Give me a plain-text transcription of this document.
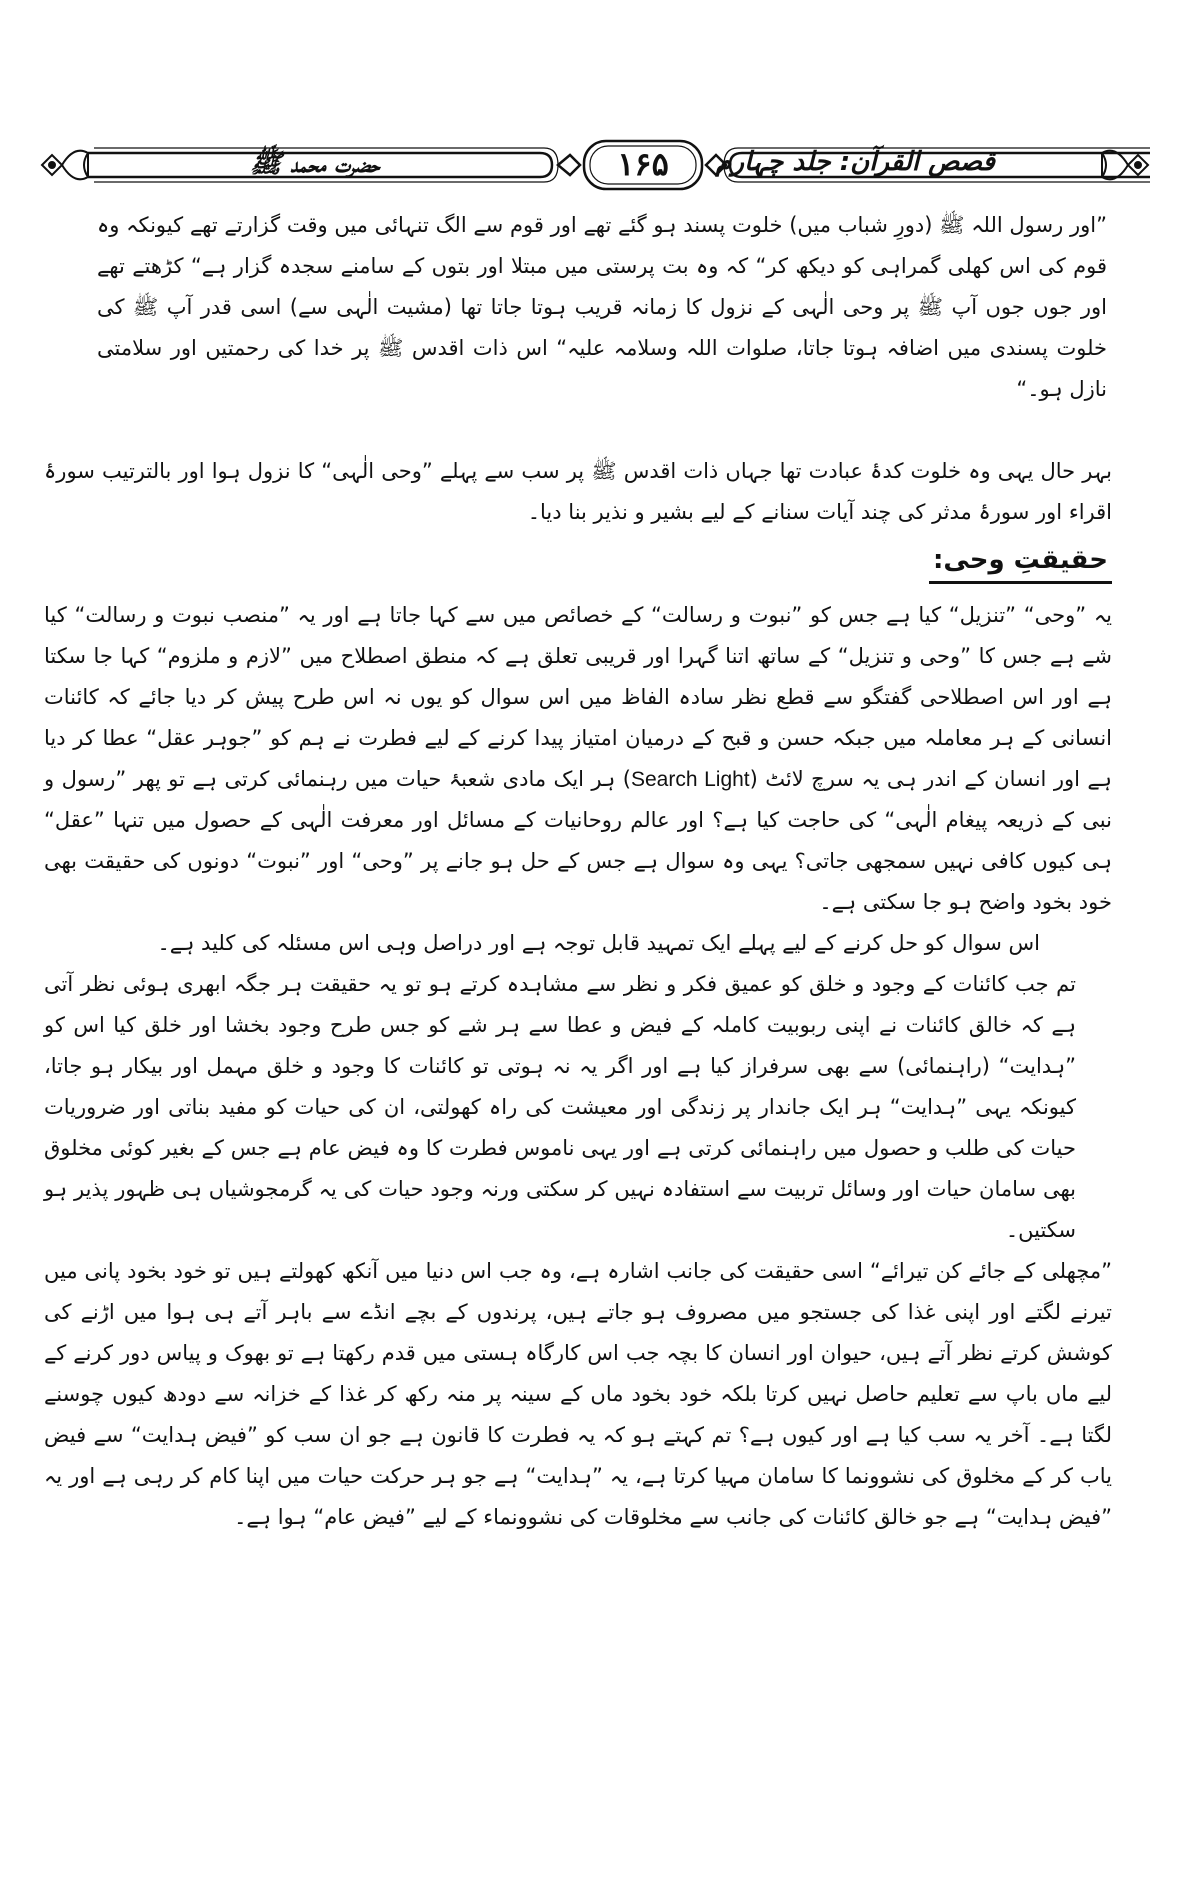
قصص القرآن: جلد چہارم
۱۶۵
حضرت محمد ﷺ

”اور رسول اللہ ﷺ (دورِ شباب میں) خلوت پسند ہو گئے تھے اور قوم سے الگ تنہائی میں وقت گزارتے تھے کیونکہ وہ قوم کی اس کھلی گمراہی کو دیکھ کر“ کہ وہ بت پرستی میں مبتلا اور بتوں کے سامنے سجدہ گزار ہے“ کڑھتے تھے اور جوں جوں آپ ﷺ پر وحی الٰہی کے نزول کا زمانہ قریب ہوتا جاتا تھا (مشیت الٰہی سے) اسی قدر آپ ﷺ کی خلوت پسندی میں اضافہ ہوتا جاتا، صلوات اللہ وسلامہ علیہ“ اس ذات اقدس ﷺ پر خدا کی رحمتیں اور سلامتی نازل ہو۔“

بہر حال یہی وہ خلوت کدۂ عبادت تھا جہاں ذات اقدس ﷺ پر سب سے پہلے ”وحی الٰہی“ کا نزول ہوا اور بالترتیب سورۂ اقراء اور سورۂ مدثر کی چند آیات سنانے کے لیے بشیر و نذیر بنا دیا۔

حقیقتِ وحی:

یہ ”وحی“ ”تنزیل“ کیا ہے جس کو ”نبوت و رسالت“ کے خصائص میں سے کہا جاتا ہے اور یہ ”منصب نبوت و رسالت“ کیا شے ہے جس کا ”وحی و تنزیل“ کے ساتھ اتنا گہرا اور قریبی تعلق ہے کہ منطق اصطلاح میں ”لازم و ملزوم“ کہا جا سکتا ہے اور اس اصطلاحی گفتگو سے قطع نظر سادہ الفاظ میں اس سوال کو یوں نہ اس طرح پیش کر دیا جائے کہ کائنات انسانی کے ہر معاملہ میں جبکہ حسن و قبح کے درمیان امتیاز پیدا کرنے کے لیے فطرت نے ہم کو ”جوہر عقل“ عطا کر دیا ہے اور انسان کے اندر ہی یہ سرچ لائٹ (Search Light) ہر ایک مادی شعبۂ حیات میں رہنمائی کرتی ہے تو پھر ”رسول و نبی کے ذریعہ پیغام الٰہی“ کی حاجت کیا ہے؟ اور عالم روحانیات کے مسائل اور معرفت الٰہی کے حصول میں تنہا ”عقل“ ہی کیوں کافی نہیں سمجھی جاتی؟ یہی وہ سوال ہے جس کے حل ہو جانے پر ”وحی“ اور ”نبوت“ دونوں کی حقیقت بھی خود بخود واضح ہو جا سکتی ہے۔

اس سوال کو حل کرنے کے لیے پہلے ایک تمہید قابل توجہ ہے اور دراصل وہی اس مسئلہ کی کلید ہے۔

تم جب کائنات کے وجود و خلق کو عمیق فکر و نظر سے مشاہدہ کرتے ہو تو یہ حقیقت ہر جگہ ابھری ہوئی نظر آتی ہے کہ خالق کائنات نے اپنی ربوبیت کاملہ کے فیض و عطا سے ہر شے کو جس طرح وجود بخشا اور خلق کیا اس کو ”ہدایت“ (راہنمائی) سے بھی سرفراز کیا ہے اور اگر یہ نہ ہوتی تو کائنات کا وجود و خلق مہمل اور بیکار ہو جاتا، کیونکہ یہی ”ہدایت“ ہر ایک جاندار پر زندگی اور معیشت کی راہ کھولتی، ان کی حیات کو مفید بناتی اور ضروریات حیات کی طلب و حصول میں راہنمائی کرتی ہے اور یہی ناموس فطرت کا وہ فیض عام ہے جس کے بغیر کوئی مخلوق بھی سامان حیات اور وسائل تربیت سے استفادہ نہیں کر سکتی ورنہ وجود حیات کی یہ گرمجوشیاں ہی ظہور پذیر ہو سکتیں۔

”مچھلی کے جائے کن تیرائے“ اسی حقیقت کی جانب اشارہ ہے، وہ جب اس دنیا میں آنکھ کھولتے ہیں تو خود بخود پانی میں تیرنے لگتے اور اپنی غذا کی جستجو میں مصروف ہو جاتے ہیں، پرندوں کے بچے انڈے سے باہر آتے ہی ہوا میں اڑنے کی کوشش کرتے نظر آتے ہیں، حیوان اور انسان کا بچہ جب اس کارگاہ ہستی میں قدم رکھتا ہے تو بھوک و پیاس دور کرنے کے لیے ماں باپ سے تعلیم حاصل نہیں کرتا بلکہ خود بخود ماں کے سینہ پر منہ رکھ کر غذا کے خزانہ سے دودھ کیوں چوسنے لگتا ہے۔ آخر یہ سب کیا ہے اور کیوں ہے؟ تم کہتے ہو کہ یہ فطرت کا قانون ہے جو ان سب کو ”فیض ہدایت“ سے فیض یاب کر کے مخلوق کی نشوونما کا سامان مہیا کرتا ہے، یہ ”ہدایت“ ہے جو ہر حرکت حیات میں اپنا کام کر رہی ہے اور یہ ”فیض ہدایت“ ہے جو خالق کائنات کی جانب سے مخلوقات کی نشوونماء کے لیے ”فیض عام“ ہوا ہے۔
